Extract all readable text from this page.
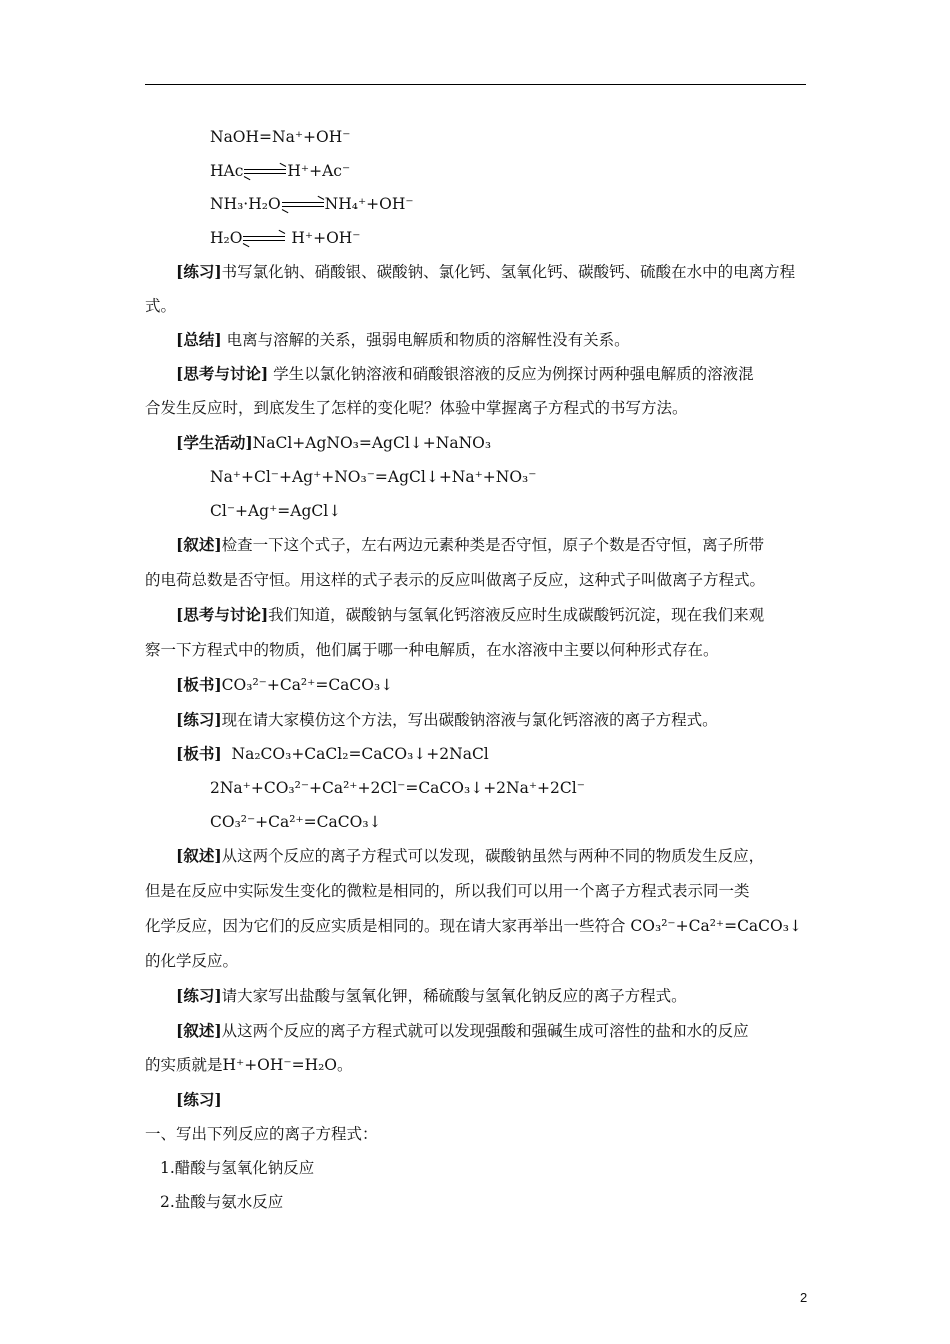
NaOH=Na⁺+OH⁻
HAc	H⁺+Ac⁻
NH₃·H₂O	NH₄⁺+OH⁻
H₂O	H⁺+OH⁻
[练习]书写氯化钠、硝酸银、碳酸钠、氯化钙、氢氧化钙、碳酸钙、硫酸在水中的电离方程
式。
[总结] 电离与溶解的关系，强弱电解质和物质的溶解性没有关系。
[思考与讨论] 学生以氯化钠溶液和硝酸银溶液的反应为例探讨两种强电解质的溶液混
合发生反应时，到底发生了怎样的变化呢？体验中掌握离子方程式的书写方法。
[学生活动]NaCl+AgNO₃=AgCl↓+NaNO₃
Na⁺+Cl⁻+Ag⁺+NO₃⁻=AgCl↓+Na⁺+NO₃⁻
Cl⁻+Ag⁺=AgCl↓
[叙述]检查一下这个式子，左右两边元素种类是否守恒，原子个数是否守恒，离子所带
的电荷总数是否守恒。用这样的式子表示的反应叫做离子反应，这种式子叫做离子方程式。
[思考与讨论]我们知道，碳酸钠与氢氧化钙溶液反应时生成碳酸钙沉淀，现在我们来观
察一下方程式中的物质，他们属于哪一种电解质，在水溶液中主要以何种形式存在。
[板书]CO₃²⁻+Ca²⁺=CaCO₃↓
[练习]现在请大家模仿这个方法，写出碳酸钠溶液与氯化钙溶液的离子方程式。
[板书]  Na₂CO₃+CaCl₂=CaCO₃↓+2NaCl
2Na⁺+CO₃²⁻+Ca²⁺+2Cl⁻=CaCO₃↓+2Na⁺+2Cl⁻
CO₃²⁻+Ca²⁺=CaCO₃↓
[叙述]从这两个反应的离子方程式可以发现，碳酸钠虽然与两种不同的物质发生反应，
但是在反应中实际发生变化的微粒是相同的，所以我们可以用一个离子方程式表示同一类
化学反应，因为它们的反应实质是相同的。现在请大家再举出一些符合 CO₃²⁻+Ca²⁺=CaCO₃↓
的化学反应。
[练习]请大家写出盐酸与氢氧化钾，稀硫酸与氢氧化钠反应的离子方程式。
[叙述]从这两个反应的离子方程式就可以发现强酸和强碱生成可溶性的盐和水的反应
的实质就是H⁺+OH⁻=H₂O。
[练习]
一、写出下列反应的离子方程式：
1.醋酸与氢氧化钠反应
2.盐酸与氨水反应
2
